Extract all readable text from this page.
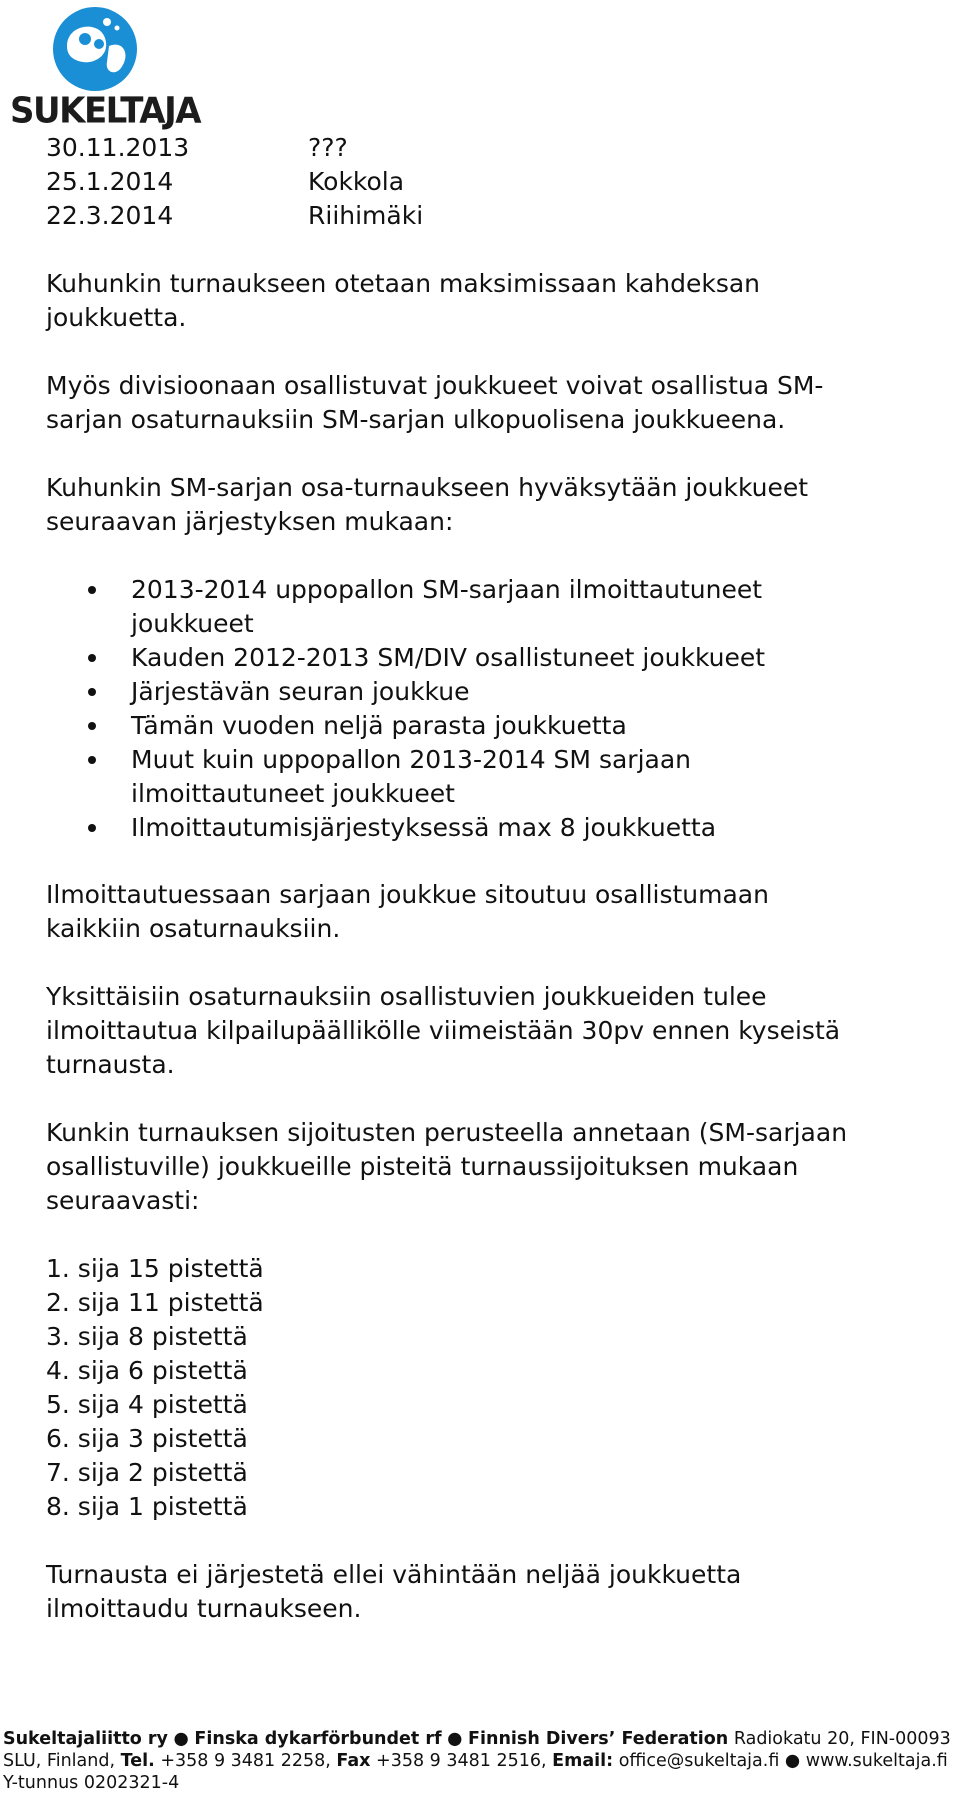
SUKELTAJA
30.11.2013	???
25.1.2014	Kokkola
22.3.2014	Riihimäki

Kuhunkin turnaukseen otetaan maksimissaan kahdeksan
joukkuetta.

Myös divisioonaan osallistuvat joukkueet voivat osallistua SM-
sarjan osaturnauksiin SM-sarjan ulkopuolisena joukkueena.

Kuhunkin SM-sarjan osa-turnaukseen hyväksytään joukkueet
seuraavan järjestyksen mukaan:

2013-2014 uppopallon SM-sarjaan ilmoittautuneet
joukkueet
Kauden 2012-2013 SM/DIV osallistuneet joukkueet
Järjestävän seuran joukkue
Tämän vuoden neljä parasta joukkuetta
Muut kuin uppopallon 2013-2014 SM sarjaan
ilmoittautuneet joukkueet
Ilmoittautumisjärjestyksessä max 8 joukkuetta

Ilmoittautuessaan sarjaan joukkue sitoutuu osallistumaan
kaikkiin osaturnauksiin.

Yksittäisiin osaturnauksiin osallistuvien joukkueiden tulee
ilmoittautua kilpailupäällikölle viimeistään 30pv ennen kyseistä
turnausta.

Kunkin turnauksen sijoitusten perusteella annetaan (SM-sarjaan
osallistuville) joukkueille pisteitä turnaussijoituksen mukaan
seuraavasti:

1. sija 15 pistettä
2. sija 11 pistettä
3. sija 8 pistettä
4. sija 6 pistettä
5. sija 4 pistettä
6. sija 3 pistettä
7. sija 2 pistettä
8. sija 1 pistettä

Turnausta ei järjestetä ellei vähintään neljää joukkuetta
ilmoittaudu turnaukseen.

Sukeltajaliitto ry ● Finska dykarförbundet rf ● Finnish Divers’ Federation Radiokatu 20, FIN-00093
SLU, Finland, Tel. +358 9 3481 2258, Fax +358 9 3481 2516, Email: office@sukeltaja.fi ● www.sukeltaja.fi
Y-tunnus 0202321-4
